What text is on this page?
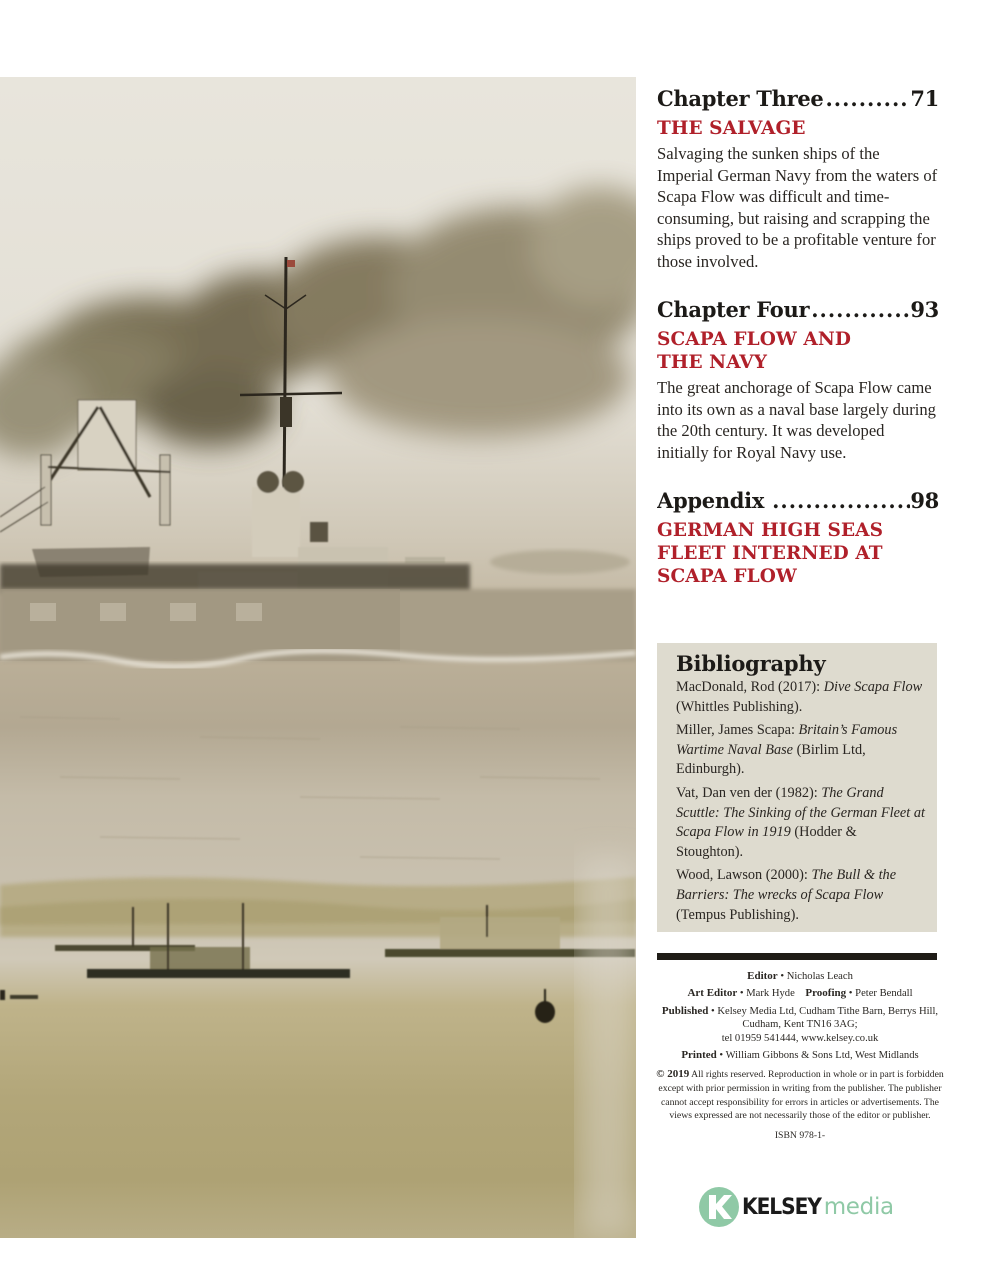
Chapter Three .....	71
THE SALVAGE
Salvaging the sunken ships of the Imperial German Navy from the waters of Scapa Flow was difficult and time-consuming, but raising and scrapping the ships proved to be a profitable venture for those involved.
Chapter Four .....	93
SCAPA FLOW AND THE NAVY
The great anchorage of Scapa Flow came into its own as a naval base largely during the 20th century. It was developed initially for Royal Navy use.
Appendix .....	98
GERMAN HIGH SEAS FLEET INTERNED AT SCAPA FLOW
Bibliography
MacDonald, Rod (2017): Dive Scapa Flow (Whittles Publishing).
Miller, James Scapa: Britain’s Famous Wartime Naval Base (Birlim Ltd, Edinburgh).
Vat, Dan ven der (1982): The Grand Scuttle: The Sinking of the German Fleet at Scapa Flow in 1919 (Hodder & Stoughton).
Wood, Lawson (2000): The Bull & the Barriers: The wrecks of Scapa Flow (Tempus Publishing).

Editor • Nicholas Leach

Art Editor • Mark Hyde Proofing • Peter Bendall

Published • Kelsey Media Ltd, Cudham Tithe Barn, Berrys Hill, Cudham, Kent TN16 3AG;
tel 01959 541444, www.kelsey.co.uk

Printed • William Gibbons & Sons Ltd, West Midlands

© 2019 All rights reserved. Reproduction in whole or in part is forbidden except with prior permission in writing from the publisher. The publisher cannot accept responsibility for errors in articles or advertisements. The views expressed are not necessarily those of the editor or publisher.

ISBN 978-1-

KELSEY media
